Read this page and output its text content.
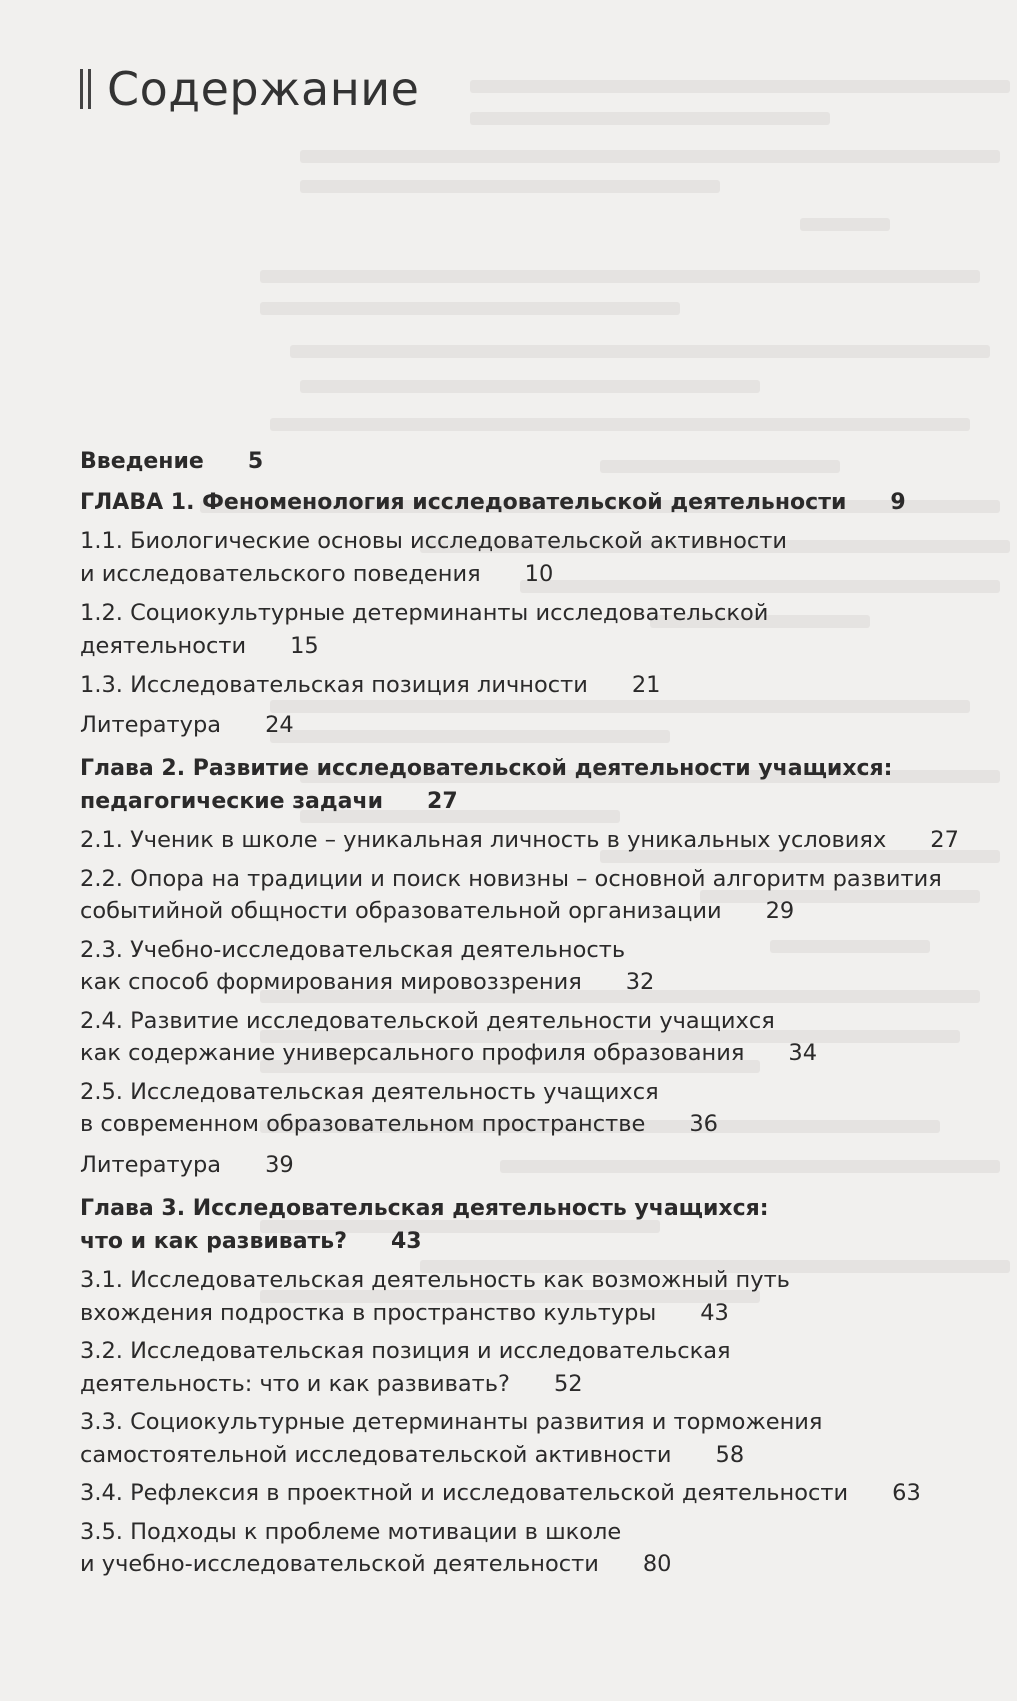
Содержание
Введение 5
ГЛАВА 1. Феноменология исследовательской деятельности 9
1.1. Биологические основы исследовательской активности
и исследовательского поведения 10
1.2. Социокультурные детерминанты исследовательской
деятельности 15
1.3. Исследовательская позиция личности 21
Литература 24
Глава 2. Развитие исследовательской деятельности учащихся:
педагогические задачи 27
2.1. Ученик в школе – уникальная личность в уникальных условиях 27
2.2. Опора на традиции и поиск новизны – основной алгоритм развития
событийной общности образовательной организации 29
2.3. Учебно-исследовательская деятельность
как способ формирования мировоззрения 32
2.4. Развитие исследовательской деятельности учащихся
как содержание универсального профиля образования 34
2.5. Исследовательская деятельность учащихся
в современном образовательном пространстве 36
Литература 39
Глава 3. Исследовательская деятельность учащихся:
что и как развивать? 43
3.1. Исследовательская деятельность как возможный путь
вхождения подростка в пространство культуры 43
3.2. Исследовательская позиция и исследовательская
деятельность: что и как развивать? 52
3.3. Социокультурные детерминанты развития и торможения
самостоятельной исследовательской активности 58
3.4. Рефлексия в проектной и исследовательской деятельности 63
3.5. Подходы к проблеме мотивации в школе
и учебно-исследовательской деятельности 80
